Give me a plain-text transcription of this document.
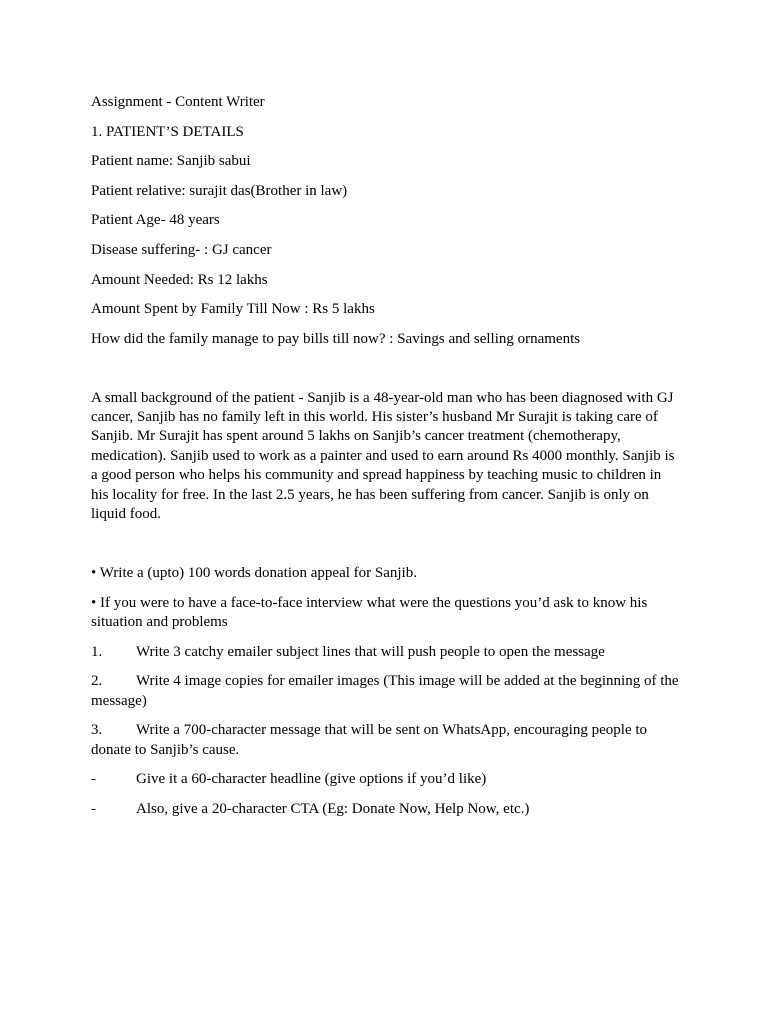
Assignment - Content Writer

1. PATIENT’S DETAILS

Patient name: Sanjib sabui

Patient relative: surajit das(Brother in law)

Patient Age- 48 years

Disease suffering- : GJ cancer

Amount Needed: Rs 12 lakhs

Amount Spent by Family Till Now : Rs 5 lakhs

How did the family manage to pay bills till now? : Savings and selling ornaments

A small background of the patient - Sanjib is a 48-year-old man who has been diagnosed with GJ cancer, Sanjib has no family left in this world. His sister’s husband Mr Surajit is taking care of Sanjib. Mr Surajit has spent around 5 lakhs on Sanjib’s cancer treatment (chemotherapy, medication). Sanjib used to work as a painter and used to earn around Rs 4000 monthly. Sanjib is a good person who helps his community and spread happiness by teaching music to children in his locality for free. In the last 2.5 years, he has been suffering from cancer. Sanjib is only on liquid food.

• Write a (upto) 100 words donation appeal for Sanjib.

• If you were to have a face-to-face interview what were the questions you’d ask to know his situation and problems

1. Write 3 catchy emailer subject lines that will push people to open the message

2. Write 4 image copies for emailer images (This image will be added at the beginning of the message)

3. Write a 700-character message that will be sent on WhatsApp, encouraging people to donate to Sanjib’s cause.

-	Give it a 60-character headline (give options if you’d like)

-	Also, give a 20-character CTA (Eg: Donate Now, Help Now, etc.)
